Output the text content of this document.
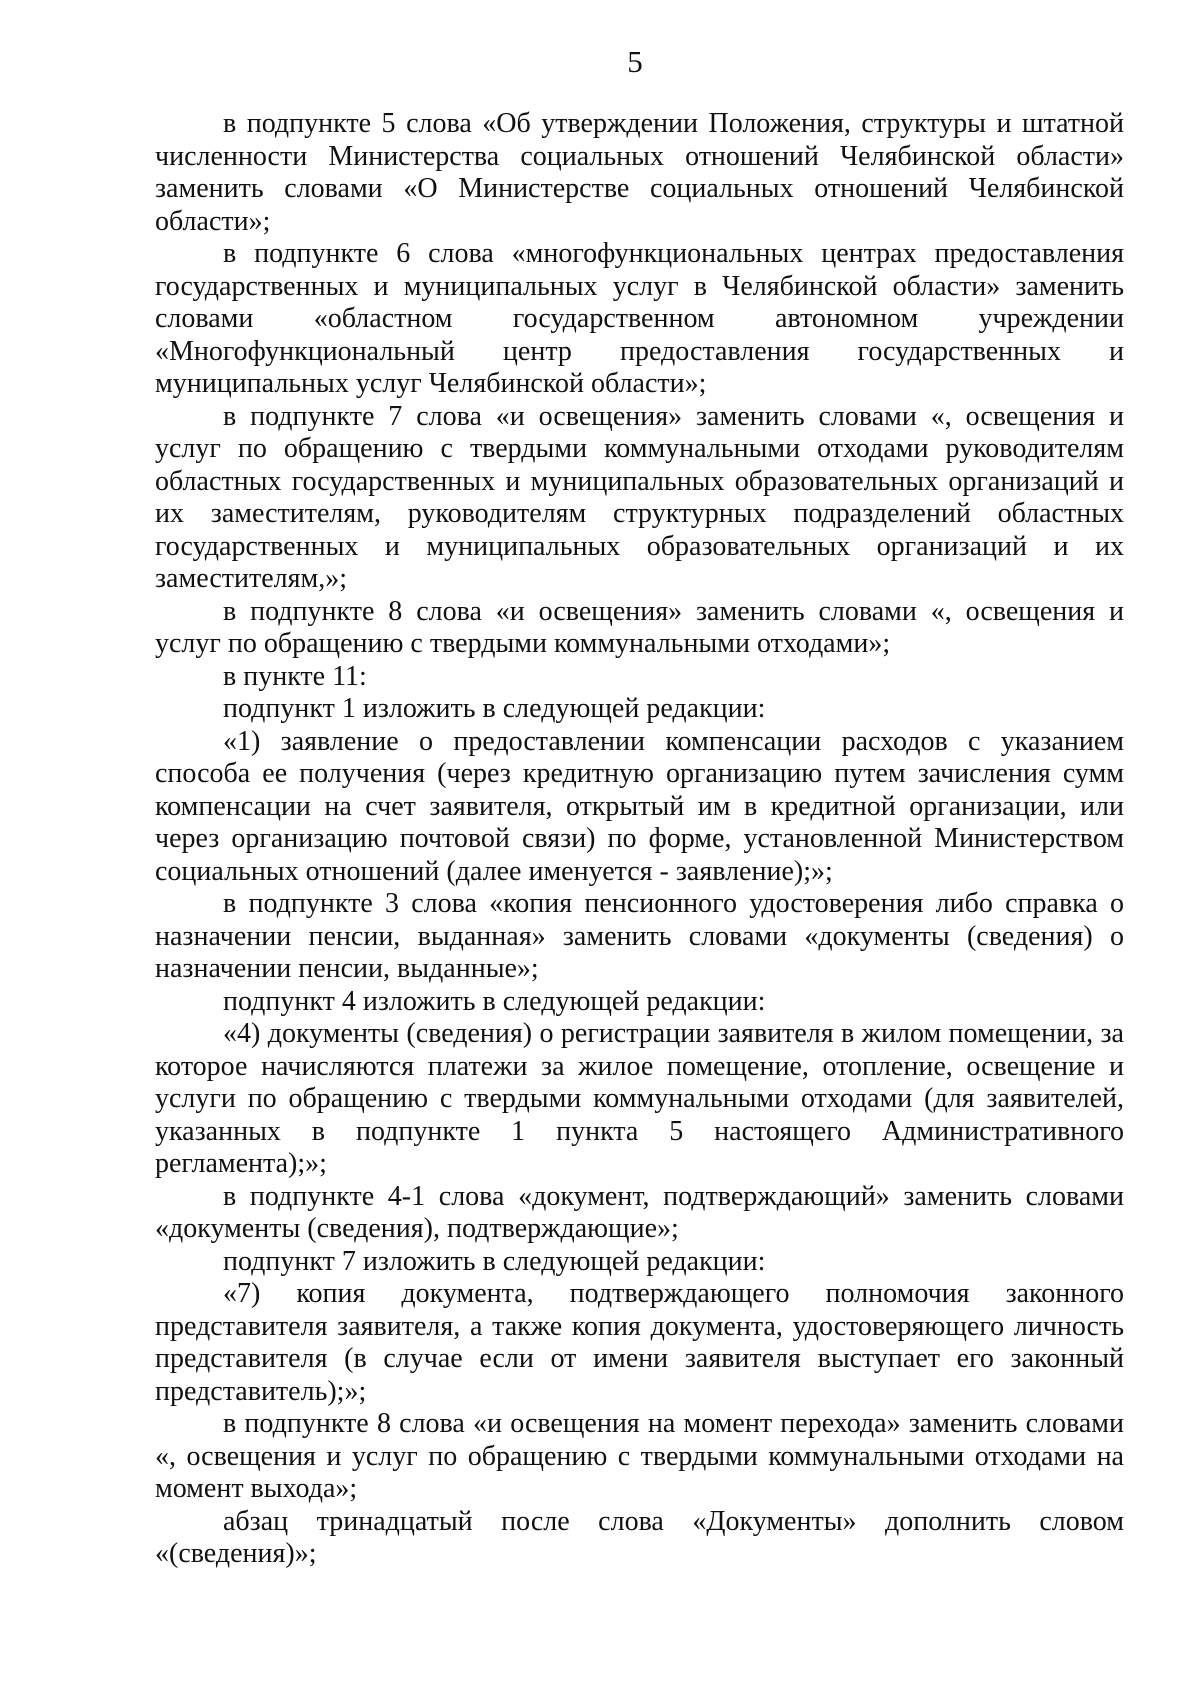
5

в подпункте 5 слова «Об утверждении Положения, структуры и штатной численности Министерства социальных отношений Челябинской области» заменить словами «О Министерстве социальных отношений Челябинской области»;

в подпункте 6 слова «многофункциональных центрах предоставления государственных и муниципальных услуг в Челябинской области» заменить словами «областном государственном автономном учреждении «Многофункциональный центр предоставления государственных и муниципальных услуг Челябинской области»;

в подпункте 7 слова «и освещения» заменить словами «, освещения и услуг по обращению с твердыми коммунальными отходами руководителям областных государственных и муниципальных образовательных организаций и их заместителям, руководителям структурных подразделений областных государственных и муниципальных образовательных организаций и их заместителям,»;

в подпункте 8 слова «и освещения» заменить словами «, освещения и услуг по обращению с твердыми коммунальными отходами»;

в пункте 11:

подпункт 1 изложить в следующей редакции:

«1) заявление о предоставлении компенсации расходов с указанием способа ее получения (через кредитную организацию путем зачисления сумм компенсации на счет заявителя, открытый им в кредитной организации, или через организацию почтовой связи) по форме, установленной Министерством социальных отношений (далее именуется - заявление);»;

в подпункте 3 слова «копия пенсионного удостоверения либо справка о назначении пенсии, выданная» заменить словами «документы (сведения) о назначении пенсии, выданные»;

подпункт 4 изложить в следующей редакции:

«4) документы (сведения) о регистрации заявителя в жилом помещении, за которое начисляются платежи за жилое помещение, отопление, освещение и услуги по обращению с твердыми коммунальными отходами (для заявителей, указанных в подпункте 1 пункта 5 настоящего Административного регламента);»;

в подпункте 4-1 слова «документ, подтверждающий» заменить словами «документы (сведения), подтверждающие»;

подпункт 7 изложить в следующей редакции:

«7) копия документа, подтверждающего полномочия законного представителя заявителя, а также копия документа, удостоверяющего личность представителя (в случае если от имени заявителя выступает его законный представитель);»;

в подпункте 8 слова «и освещения на момент перехода» заменить словами «, освещения и услуг по обращению с твердыми коммунальными отходами на момент выхода»;

абзац тринадцатый после слова «Документы» дополнить словом «(сведения)»;
